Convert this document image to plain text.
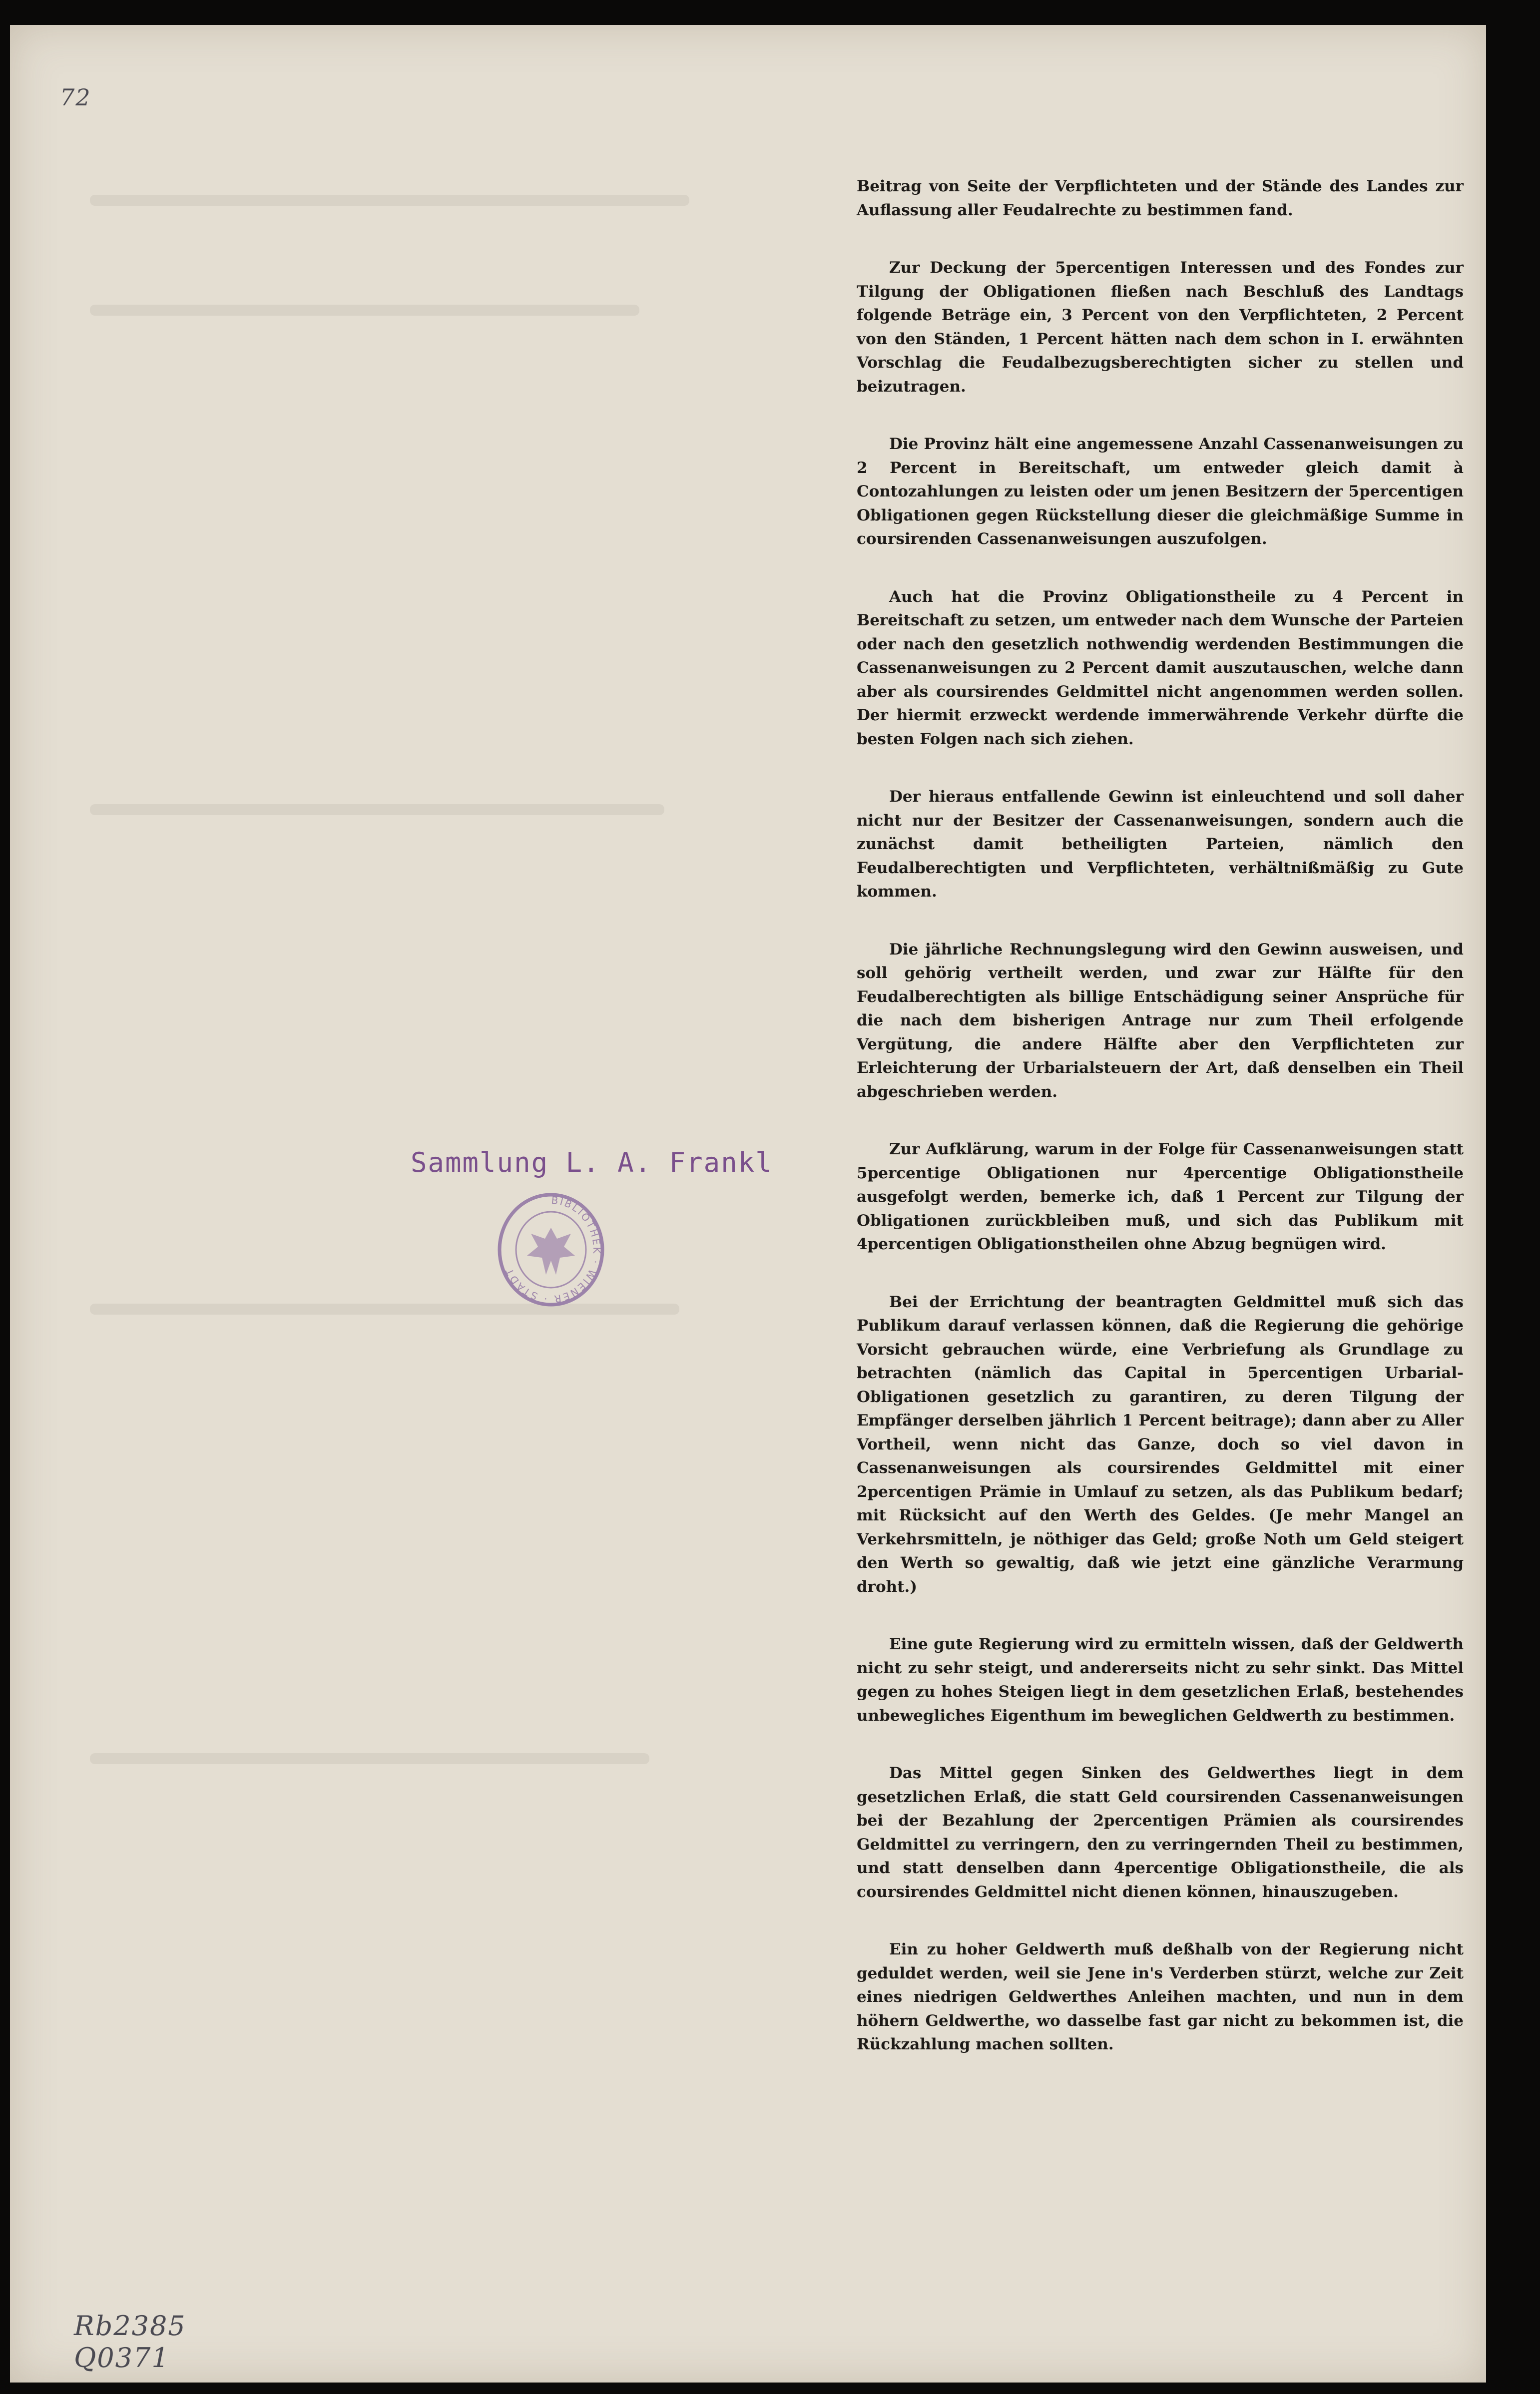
72
Sammlung L. A. Frankl
BIBLIOTHEK · WIENER · STADT
Rb2385
Q0371

Beitrag von Seite der Verpflichteten und der Stände des Landes zur Auflassung aller Feudalrechte zu bestimmen fand.

Zur Deckung der 5percentigen Interessen und des Fondes zur Tilgung der Obligationen fließen nach Beschluß des Landtags folgende Beträge ein, 3 Percent von den Verpflichteten, 2 Percent von den Ständen, 1 Percent hätten nach dem schon in I. erwähnten Vorschlag die Feudalbezugsberechtigten sicher zu stellen und beizutragen.

Die Provinz hält eine angemessene Anzahl Cassenanweisungen zu 2 Percent in Bereitschaft, um entweder gleich damit à Contozahlungen zu leisten oder um jenen Besitzern der 5percentigen Obligationen gegen Rückstellung dieser die gleichmäßige Summe in coursirenden Cassenanweisungen auszufolgen.

Auch hat die Provinz Obligationstheile zu 4 Percent in Bereitschaft zu setzen, um entweder nach dem Wunsche der Parteien oder nach den gesetzlich nothwendig werdenden Bestimmungen die Cassenanweisungen zu 2 Percent damit auszutauschen, welche dann aber als coursirendes Geldmittel nicht angenommen werden sollen. Der hiermit erzweckt werdende immerwährende Verkehr dürfte die besten Folgen nach sich ziehen.

Der hieraus entfallende Gewinn ist einleuchtend und soll daher nicht nur der Besitzer der Cassenanweisungen, sondern auch die zunächst damit betheiligten Parteien, nämlich den Feudalberechtigten und Verpflichteten, verhältnißmäßig zu Gute kommen.

Die jährliche Rechnungslegung wird den Gewinn ausweisen, und soll gehörig vertheilt werden, und zwar zur Hälfte für den Feudalberechtigten als billige Entschädigung seiner Ansprüche für die nach dem bisherigen Antrage nur zum Theil erfolgende Vergütung, die andere Hälfte aber den Verpflichteten zur Erleichterung der Urbarialsteuern der Art, daß denselben ein Theil abgeschrieben werden.

Zur Aufklärung, warum in der Folge für Cassenanweisungen statt 5percentige Obligationen nur 4percentige Obligationstheile ausgefolgt werden, bemerke ich, daß 1 Percent zur Tilgung der Obligationen zurückbleiben muß, und sich das Publikum mit 4percentigen Obligationstheilen ohne Abzug begnügen wird.

Bei der Errichtung der beantragten Geldmittel muß sich das Publikum darauf verlassen können, daß die Regierung die gehörige Vorsicht gebrauchen würde, eine Verbriefung als Grundlage zu betrachten (nämlich das Capital in 5percentigen Urbarial-Obligationen gesetzlich zu garantiren, zu deren Tilgung der Empfänger derselben jährlich 1 Percent beitrage); dann aber zu Aller Vortheil, wenn nicht das Ganze, doch so viel davon in Cassenanweisungen als coursirendes Geldmittel mit einer 2percentigen Prämie in Umlauf zu setzen, als das Publikum bedarf; mit Rücksicht auf den Werth des Geldes. (Je mehr Mangel an Verkehrsmitteln, je nöthiger das Geld; große Noth um Geld steigert den Werth so gewaltig, daß wie jetzt eine gänzliche Verarmung droht.)

Eine gute Regierung wird zu ermitteln wissen, daß der Geldwerth nicht zu sehr steigt, und andererseits nicht zu sehr sinkt. Das Mittel gegen zu hohes Steigen liegt in dem gesetzlichen Erlaß, bestehendes unbewegliches Eigenthum im beweglichen Geldwerth zu bestimmen.

Das Mittel gegen Sinken des Geldwerthes liegt in dem gesetzlichen Erlaß, die statt Geld coursirenden Cassenanweisungen bei der Bezahlung der 2percentigen Prämien als coursirendes Geldmittel zu verringern, den zu verringernden Theil zu bestimmen, und statt denselben dann 4percentige Obligationstheile, die als coursirendes Geldmittel nicht dienen können, hinauszugeben.

Ein zu hoher Geldwerth muß deßhalb von der Regierung nicht geduldet werden, weil sie Jene in's Verderben stürzt, welche zur Zeit eines niedrigen Geldwerthes Anleihen machten, und nun in dem höhern Geldwerthe, wo dasselbe fast gar nicht zu bekommen ist, die Rückzahlung machen sollten.
